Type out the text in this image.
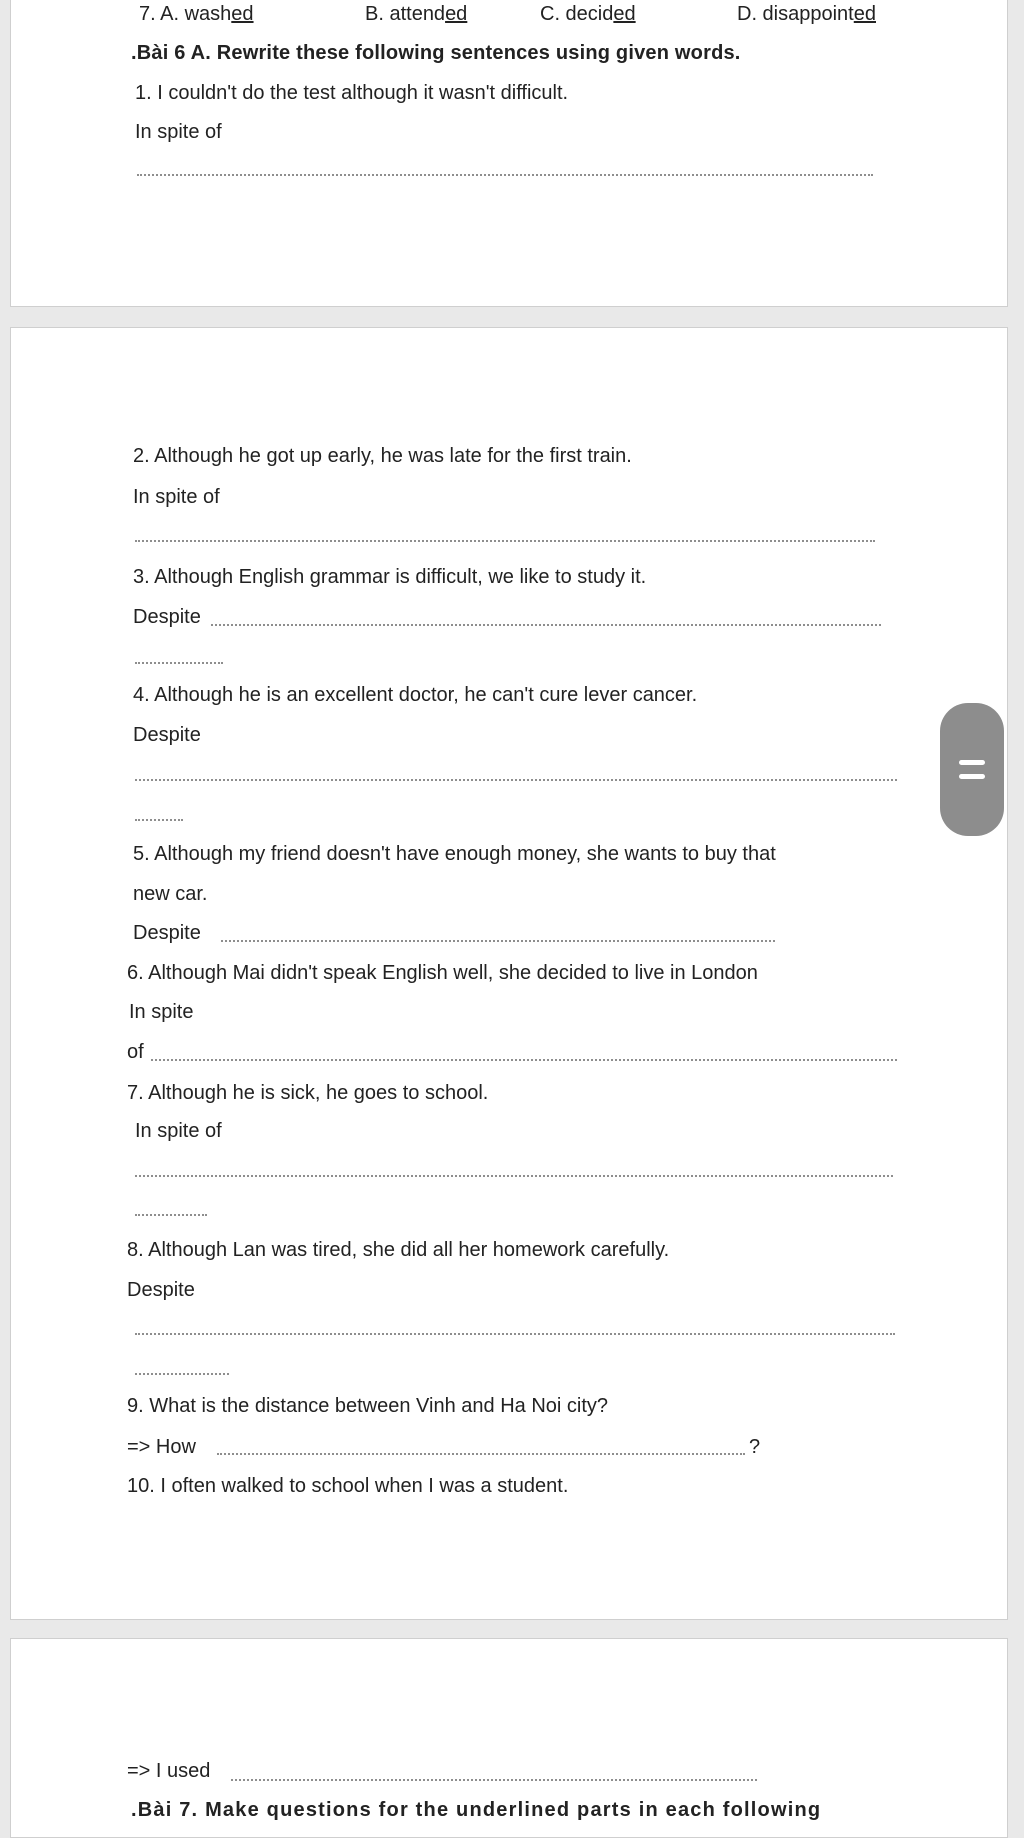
7. A. washed	B. attended	C. decided	D. disappointed
.Bài 6 A. Rewrite these following sentences using given words.
1. I couldn't do the test although it wasn't difficult.
In spite of
2. Although he got up early, he was late for the first train.
In spite of
3. Although English grammar is difficult, we like to study it.
Despite
4. Although he is an excellent doctor, he can't cure lever cancer.
Despite
5. Although my friend doesn't have enough money, she wants to buy that
new car.
Despite
6. Although Mai didn't speak English well, she decided to live in London
In spite
of
7. Although he is sick, he goes to school.
In spite of
8. Although Lan was tired, she did all her homework carefully.
Despite
9. What is the distance between Vinh and Ha Noi city?
=> How	?
10. I often walked to school when I was a student.
=> I used
.Bài 7. Make questions for the underlined parts in each following
